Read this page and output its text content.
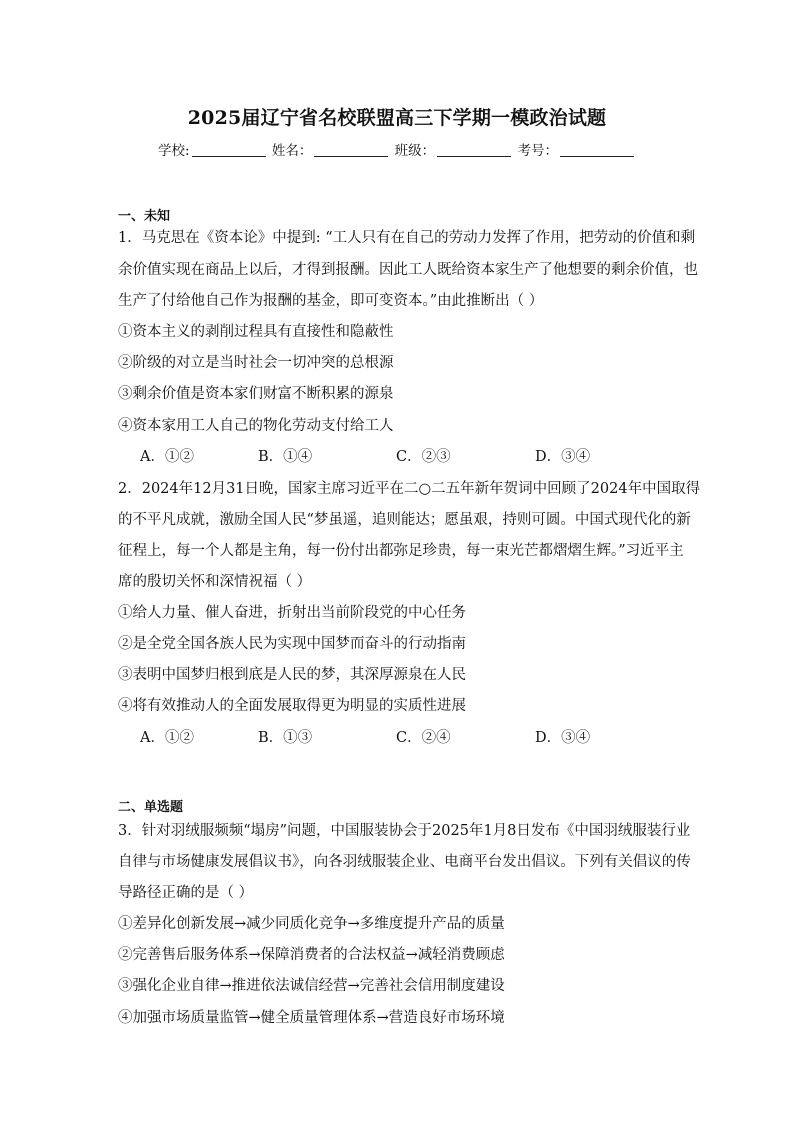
2025届辽宁省名校联盟高三下学期一模政治试题
学校:	姓名：	班级：	考号：
一、未知
1．马克思在《资本论》中提到: “工人只有在自己的劳动力发挥了作用，把劳动的价值和剩
余价值实现在商品上以后，才得到报酬。因此工人既给资本家生产了他想要的剩余价值，也
生产了付给他自己作为报酬的基金，即可变资本。”由此推断出（ ）
①资本主义的剥削过程具有直接性和隐蔽性
②阶级的对立是当时社会一切冲突的总根源
③剩余价值是资本家们财富不断积累的源泉
④资本家用工人自己的物化劳动支付给工人
A．①②	B．①④	C．②③	D．③④
2．2024年12月31日晚，国家主席习近平在二○二五年新年贺词中回顾了2024年中国取得
的不平凡成就，激励全国人民“梦虽遥，追则能达；愿虽艰，持则可圆。中国式现代化的新
征程上，每一个人都是主角，每一份付出都弥足珍贵，每一束光芒都熠熠生辉。”习近平主
席的殷切关怀和深情祝福（ ）
①给人力量、催人奋进，折射出当前阶段党的中心任务
②是全党全国各族人民为实现中国梦而奋斗的行动指南
③表明中国梦归根到底是人民的梦，其深厚源泉在人民
④将有效推动人的全面发展取得更为明显的实质性进展
A．①②	B．①③	C．②④	D．③④
二、单选题
3．针对羽绒服频频“塌房”问题，中国服装协会于2025年1月8日发布《中国羽绒服装行业
自律与市场健康发展倡议书》，向各羽绒服装企业、电商平台发出倡议。下列有关倡议的传
导路径正确的是（ ）
①差异化创新发展→减少同质化竞争→多维度提升产品的质量
②完善售后服务体系→保障消费者的合法权益→减轻消费顾虑
③强化企业自律→推进依法诚信经营→完善社会信用制度建设
④加强市场质量监管→健全质量管理体系→营造良好市场环境
